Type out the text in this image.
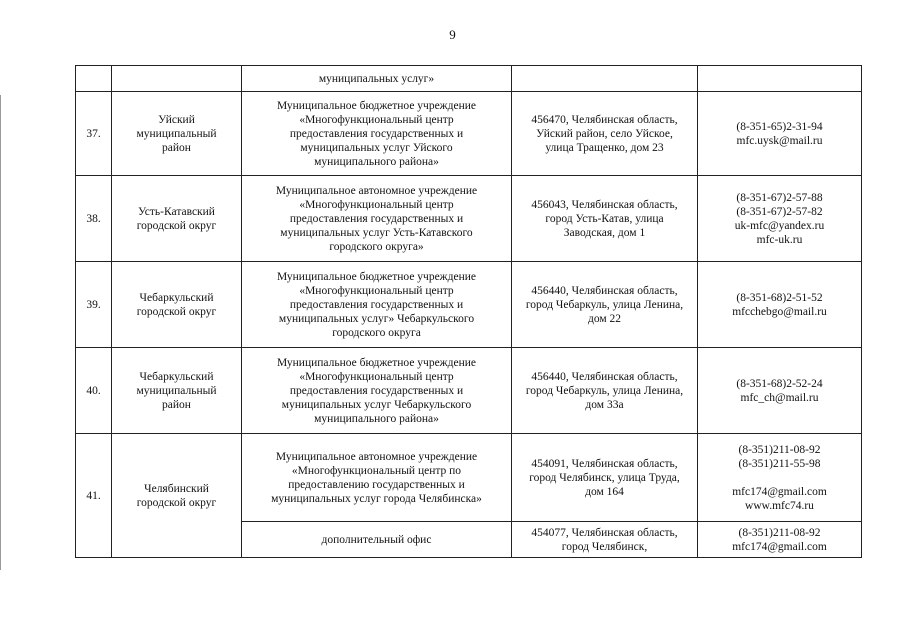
9

		муниципальных услуг»		

37.	Уйский
муниципальный
район	Муниципальное бюджетное учреждение
«Многофункциональный центр
предоставления государственных и
муниципальных услуг Уйского
муниципального района»	456470, Челябинская область,
Уйский район, село Уйское,
улица Тращенко, дом 23	(8-351-65)2-31-94
mfc.uysk@mail.ru

38.	Усть-Катавский
городской округ	Муниципальное автономное учреждение
«Многофункциональный центр
предоставления государственных и
муниципальных услуг Усть-Катавского
городского округа»	456043, Челябинская область,
город Усть-Катав, улица
Заводская, дом 1	(8-351-67)2-57-88
(8-351-67)2-57-82
uk-mfc@yandex.ru
mfc-uk.ru

39.	Чебаркульский
городской округ	Муниципальное бюджетное учреждение
«Многофункциональный центр
предоставления государственных и
муниципальных услуг» Чебаркульского
городского округа	456440, Челябинская область,
город Чебаркуль, улица Ленина,
дом 22	(8-351-68)2-51-52
mfcchebgo@mail.ru

40.	Чебаркульский
муниципальный
район	Муниципальное бюджетное учреждение
«Многофункциональный центр
предоставления государственных и
муниципальных услуг Чебаркульского
муниципального района»	456440, Челябинская область,
город Чебаркуль, улица Ленина,
дом 33а	(8-351-68)2-52-24
mfc_ch@mail.ru

41.	Челябинский
городской округ	Муниципальное автономное учреждение
«Многофункциональный центр по
предоставлению государственных и
муниципальных услуг города Челябинска»	454091, Челябинская область,
город Челябинск, улица Труда,
дом 164	(8-351)211-08-92
(8-351)211-55-98
mfc174@gmail.com
www.mfc74.ru

		дополнительный офис	454077, Челябинская область,
город Челябинск,	(8-351)211-08-92
mfc174@gmail.com
